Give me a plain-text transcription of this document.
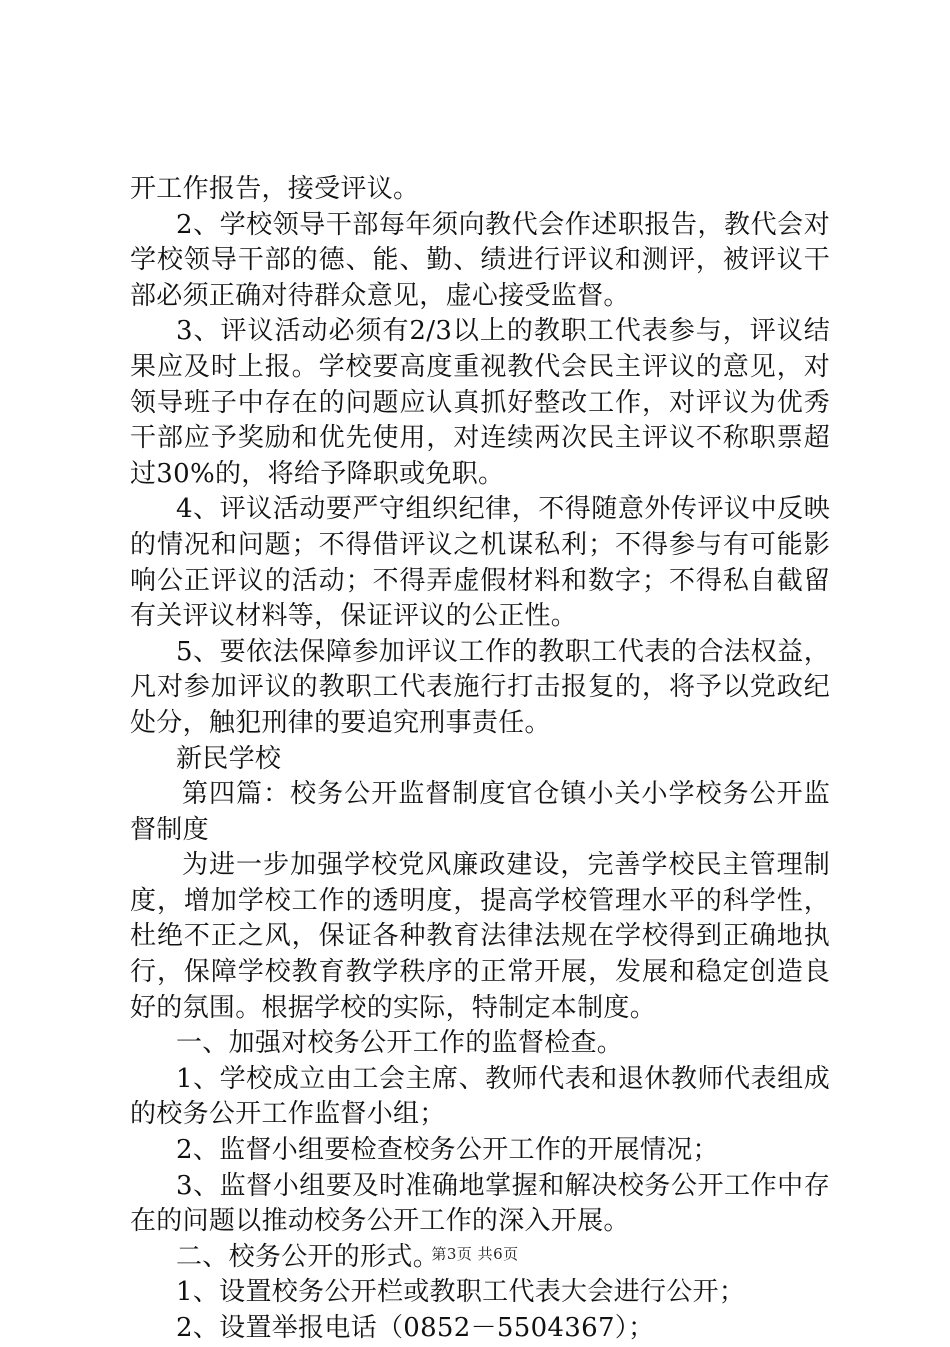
开工作报告，接受评议。

2、学校领导干部每年须向教代会作述职报告，教代会对学校领导干部的德、能、勤、绩进行评议和测评，被评议干部必须正确对待群众意见，虚心接受监督。

3、评议活动必须有2/3以上的教职工代表参与，评议结果应及时上报。学校要高度重视教代会民主评议的意见，对领导班子中存在的问题应认真抓好整改工作，对评议为优秀干部应予奖励和优先使用，对连续两次民主评议不称职票超过30%的，将给予降职或免职。

4、评议活动要严守组织纪律，不得随意外传评议中反映的情况和问题；不得借评议之机谋私利；不得参与有可能影响公正评议的活动；不得弄虚假材料和数字；不得私自截留有关评议材料等，保证评议的公正性。

5、要依法保障参加评议工作的教职工代表的合法权益，凡对参加评议的教职工代表施行打击报复的，将予以党政纪处分，触犯刑律的要追究刑事责任。

新民学校

第四篇：校务公开监督制度官仓镇小关小学校务公开监督制度

为进一步加强学校党风廉政建设，完善学校民主管理制度，增加学校工作的透明度，提高学校管理水平的科学性，杜绝不正之风，保证各种教育法律法规在学校得到正确地执行，保障学校教育教学秩序的正常开展，发展和稳定创造良好的氛围。根据学校的实际，特制定本制度。

一、加强对校务公开工作的监督检查。

1、学校成立由工会主席、教师代表和退休教师代表组成的校务公开工作监督小组；

2、监督小组要检查校务公开工作的开展情况；

3、监督小组要及时准确地掌握和解决校务公开工作中存在的问题以推动校务公开工作的深入开展。

二、校务公开的形式。

1、设置校务公开栏或教职工代表大会进行公开；

2、设置举报电话（0852－5504367）；

第3页 共6页
